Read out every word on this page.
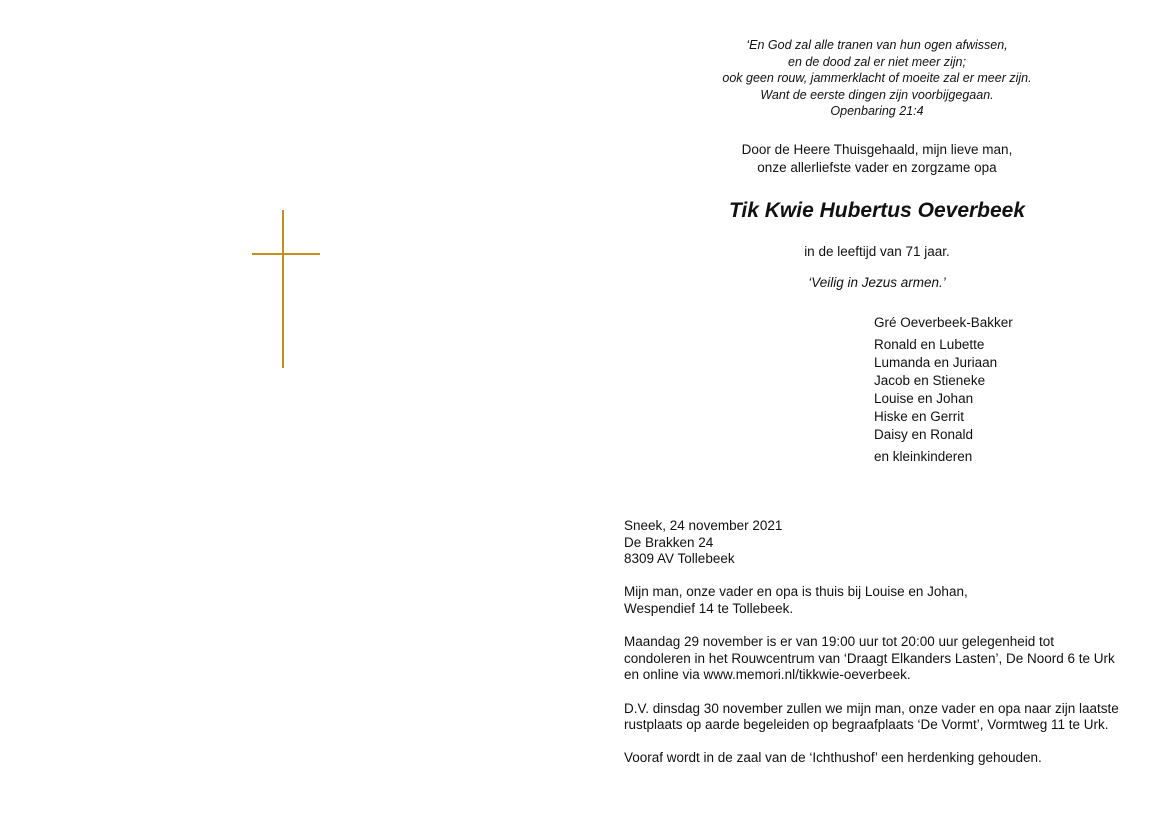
‘En God zal alle tranen van hun ogen afwissen,
en de dood zal er niet meer zijn;
ook geen rouw, jammerklacht of moeite zal er meer zijn.
Want de eerste dingen zijn voorbijgegaan.
Openbaring 21:4
Door de Heere Thuisgehaald, mijn lieve man,
onze allerliefste vader en zorgzame opa
Tik Kwie Hubertus Oeverbeek
in de leeftijd van 71 jaar.
‘Veilig in Jezus armen.’
Gré Oeverbeek-Bakker
Ronald en Lubette
Lumanda en Juriaan
Jacob en Stieneke
Louise en Johan
Hiske en Gerrit
Daisy en Ronald
en kleinkinderen
Sneek, 24 november 2021
De Brakken 24
8309 AV Tollebeek
Mijn man, onze vader en opa is thuis bij Louise en Johan,
Wespendief 14 te Tollebeek.
Maandag 29 november is er van 19:00 uur tot 20:00 uur gelegenheid tot
condoleren in het Rouwcentrum van ‘Draagt Elkanders Lasten’, De Noord 6 te Urk
en online via www.memori.nl/tikkwie-oeverbeek.
D.V. dinsdag 30 november zullen we mijn man, onze vader en opa naar zijn laatste
rustplaats op aarde begeleiden op begraafplaats ‘De Vormt’, Vormtweg 11 te Urk.
Vooraf wordt in de zaal van de ‘Ichthushof’ een herdenking gehouden.
